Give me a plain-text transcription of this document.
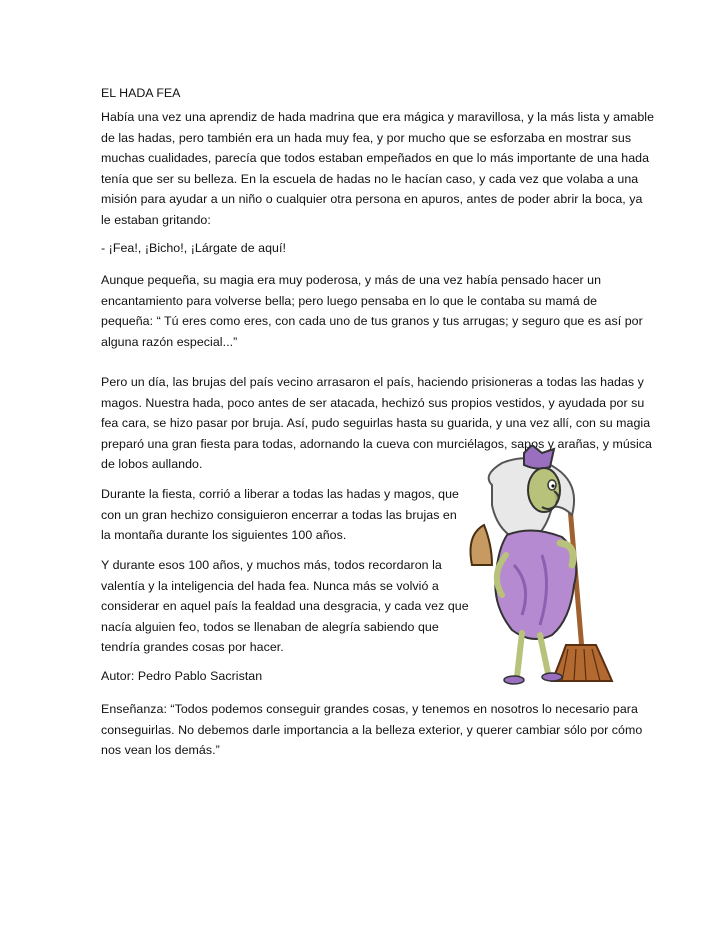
EL HADA FEA

Había una vez una aprendiz de hada madrina que era mágica y maravillosa, y la más lista y amable
de las hadas, pero también era un hada muy fea, y por mucho que se esforzaba en mostrar sus
muchas cualidades, parecía que todos estaban empeñados en que lo más importante de una hada
tenía que ser su belleza. En la escuela de hadas no le hacían caso, y cada vez que volaba a una
misión para ayudar a un niño o cualquier otra persona en apuros, antes de poder abrir la boca, ya
le estaban gritando:

- ¡Fea!, ¡Bicho!, ¡Lárgate de aquí!

Aunque pequeña, su magia era muy poderosa, y más de una vez había pensado hacer un
encantamiento para volverse bella; pero luego pensaba en lo que le contaba su mamá de
pequeña: “ Tú eres como eres, con cada uno de tus granos y tus arrugas; y seguro que es así por
alguna razón especial...”

Pero un día, las brujas del país vecino arrasaron el país, haciendo prisioneras a todas las hadas y
magos. Nuestra hada, poco antes de ser atacada, hechizó sus propios vestidos, y ayudada por su
fea cara, se hizo pasar por bruja. Así, pudo seguirlas hasta su guarida, y una vez allí, con su magia
preparó una gran fiesta para todas, adornando la cueva con murciélagos, sapos y arañas, y música
de lobos aullando.

Durante la fiesta, corrió a liberar a todas las hadas y magos, que
con un gran hechizo consiguieron encerrar a todas las brujas en
la montaña durante los siguientes 100 años.

Y durante esos 100 años, y muchos más, todos recordaron la
valentía y la inteligencia del hada fea. Nunca más se volvió a
considerar en aquel país la fealdad una desgracia, y cada vez que
nacía alguien feo, todos se llenaban de alegría sabiendo que
tendría grandes cosas por hacer.

Autor: Pedro Pablo Sacristan

Enseñanza: “Todos podemos conseguir grandes cosas, y tenemos en nosotros lo necesario para
conseguirlas. No debemos darle importancia a la belleza exterior, y querer cambiar sólo por cómo
nos vean los demás.”
